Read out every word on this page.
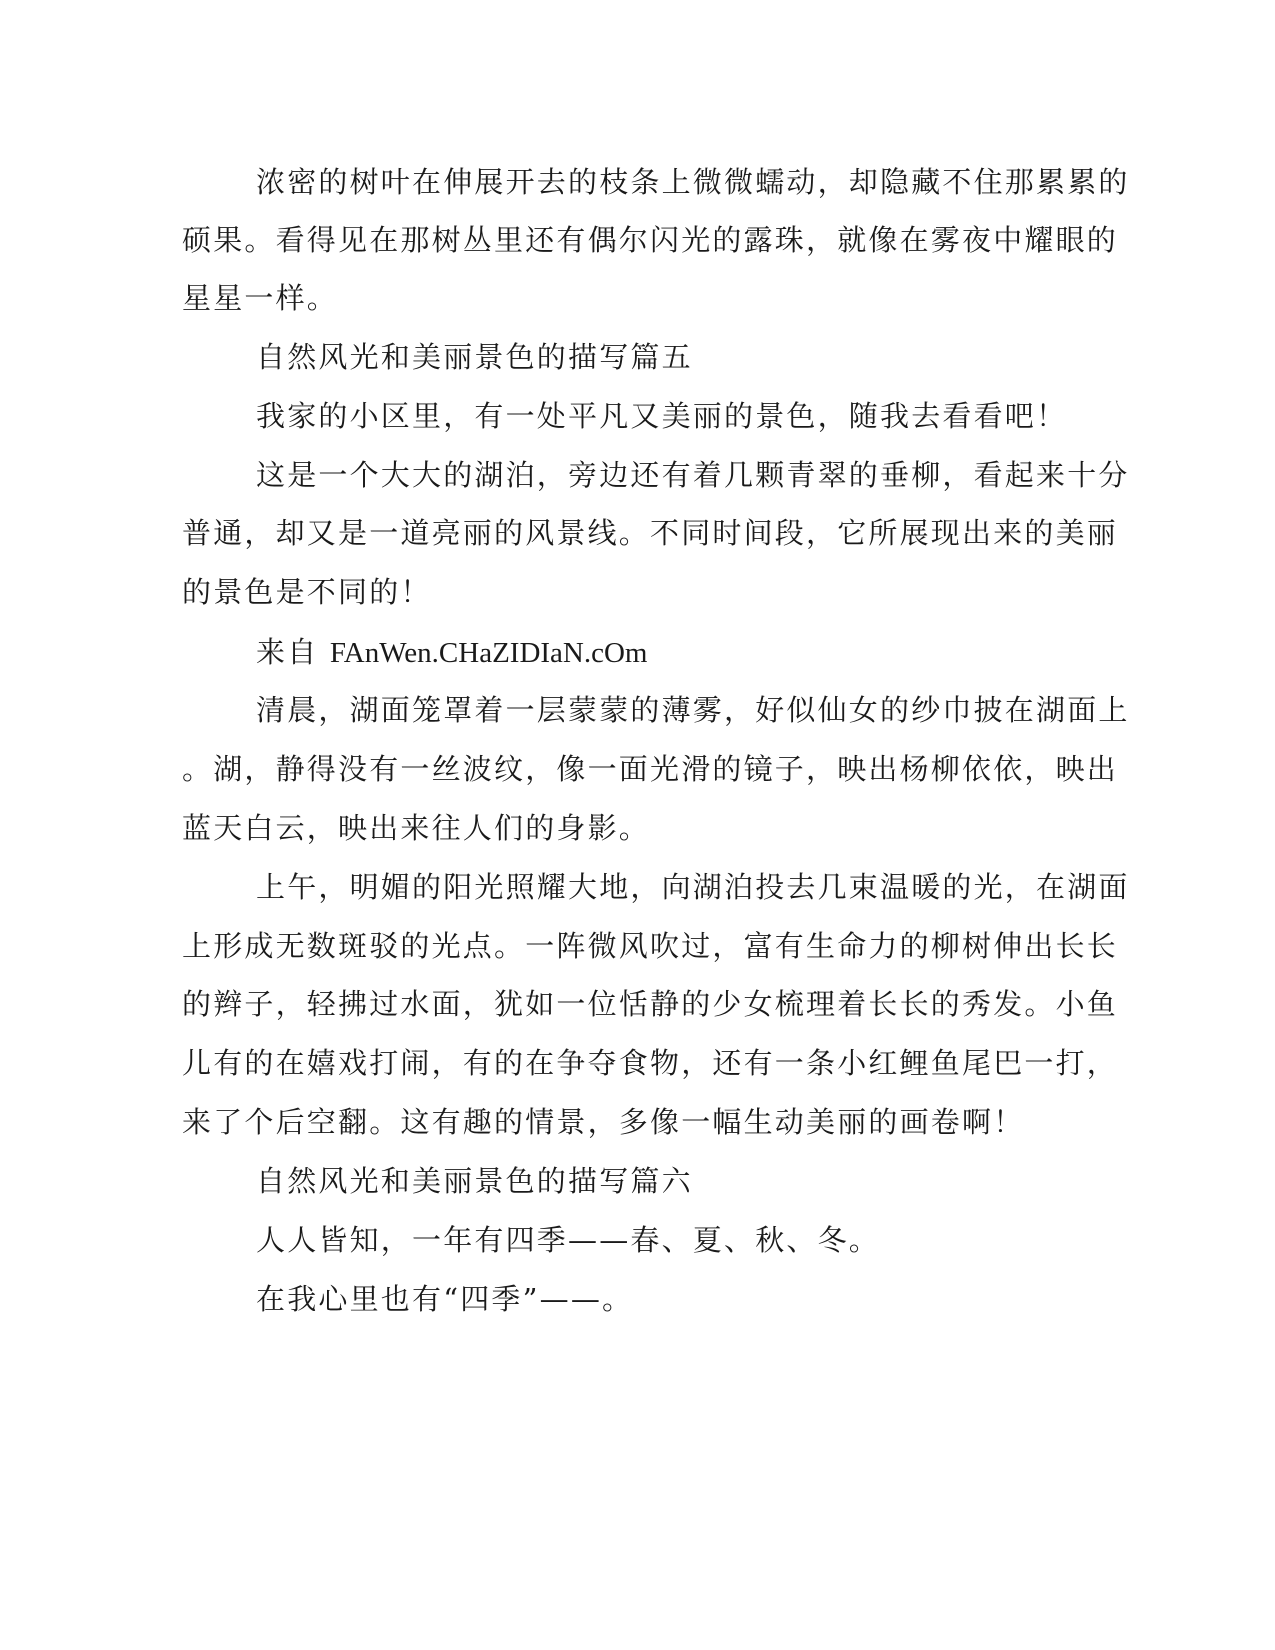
浓密的树叶在伸展开去的枝条上微微蠕动，却隐藏不住那累累的
硕果。看得见在那树丛里还有偶尔闪光的露珠，就像在雾夜中耀眼的
星星一样。
自然风光和美丽景色的描写篇五
我家的小区里，有一处平凡又美丽的景色，随我去看看吧！
这是一个大大的湖泊，旁边还有着几颗青翠的垂柳，看起来十分
普通，却又是一道亮丽的风景线。不同时间段，它所展现出来的美丽
的景色是不同的！
来自 FAnWen.CHaZIDIaN.cOm
清晨，湖面笼罩着一层蒙蒙的薄雾，好似仙女的纱巾披在湖面上
。湖，静得没有一丝波纹，像一面光滑的镜子，映出杨柳依依，映出
蓝天白云，映出来往人们的身影。
上午，明媚的阳光照耀大地，向湖泊投去几束温暖的光，在湖面
上形成无数斑驳的光点。一阵微风吹过，富有生命力的柳树伸出长长
的辫子，轻拂过水面，犹如一位恬静的少女梳理着长长的秀发。小鱼
儿有的在嬉戏打闹，有的在争夺食物，还有一条小红鲤鱼尾巴一打，
来了个后空翻。这有趣的情景，多像一幅生动美丽的画卷啊！
自然风光和美丽景色的描写篇六
人人皆知，一年有四季——春、夏、秋、冬。
在我心里也有“四季”——。
